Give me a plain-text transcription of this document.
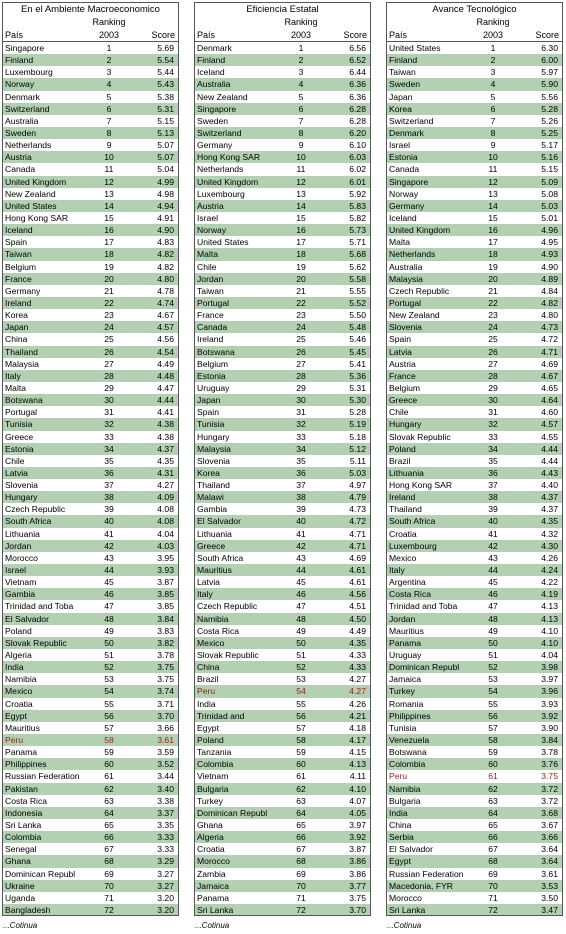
En el Ambiente Macroeconomico
Ranking
País	2003	Score
Singapore	1	5.69
Finland	2	5.54
Luxembourg	3	5.44
Norway	4	5.43
Denmark	5	5.38
Switzerland	6	5.31
Australia	7	5.15
Sweden	8	5.13
Netherlands	9	5.07
Austria	10	5.07
Canada	11	5.04
United Kingdom	12	4.99
New Zealand	13	4.98
United States	14	4.94
Hong Kong SAR	15	4.91
Iceland	16	4.90
Spain	17	4.83
Taiwan	18	4.82
Belgium	19	4.82
France	20	4.80
Germany	21	4.78
Ireland	22	4.74
Korea	23	4.67
Japan	24	4.57
China	25	4.56
Thailand	26	4.54
Malaysia	27	4.49
Italy	28	4.48
Malta	29	4.47
Botswana	30	4.44
Portugal	31	4.41
Tunisia	32	4.38
Greece	33	4.38
Estonia	34	4.37
Chile	35	4.35
Latvia	36	4.31
Slovenia	37	4.27
Hungary	38	4.09
Czech Republic	39	4.08
South Africa	40	4.08
Lithuania	41	4.04
Jordan	42	4.03
Morocco	43	3.95
Israel	44	3.93
Vietnam	45	3.87
Gambia	46	3.85
Trinidad and Toba	47	3.85
El Salvador	48	3.84
Poland	49	3.83
Slovak Republic	50	3.82
Algeria	51	3.78
India	52	3.75
Namibia	53	3.75
Mexico	54	3.74
Croatia	55	3.71
Egypt	56	3.70
Mauritius	57	3.66
Peru	58	3.61
Panama	59	3.59
Philippines	60	3.52
Russian Federation	61	3.44
Pakistan	62	3.40
Costa Rica	63	3.38
Indonesia	64	3.37
Sri Lanka	65	3.35
Colombia	66	3.33
Senegal	67	3.33
Ghana	68	3.29
Dominican Republ	69	3.27
Ukraine	70	3.27
Uganda	71	3.20
Bangladesh	72	3.20
Eficiencia Estatal
Ranking
País	2003	Score
Denmark	1	6.56
Finland	2	6.52
Iceland	3	6.44
Australia	4	6.36
New Zealand	5	6.36
Singapore	6	6.28
Sweden	7	6.28
Switzerland	8	6.20
Germany	9	6.10
Hong Kong SAR	10	6.03
Netherlands	11	6.02
United Kingdom	12	6.01
Luxembourg	13	5.92
Austria	14	5.83
Israel	15	5.82
Norway	16	5.73
United States	17	5.71
Malta	18	5.68
Chile	19	5.62
Jordan	20	5.58
Taiwan	21	5.55
Portugal	22	5.52
France	23	5.50
Canada	24	5.48
Ireland	25	5.46
Botswana	26	5.45
Belgium	27	5.41
Estonia	28	5.36
Uruguay	29	5.31
Japan	30	5.30
Spain	31	5.28
Tunisia	32	5.19
Hungary	33	5.18
Malaysia	34	5.12
Slovenia	35	5.11
Korea	36	5.03
Thailand	37	4.97
Malawi	38	4.79
Gambia	39	4.73
El Salvador	40	4.72
Lithuania	41	4.71
Greece	42	4.71
South Africa	43	4.69
Mauritius	44	4.61
Latvia	45	4.61
Italy	46	4.56
Czech Republic	47	4.51
Namibia	48	4.50
Costa Rica	49	4.49
Mexico	50	4.35
Slovak Republic	51	4.33
China	52	4.33
Brazil	53	4.27
Peru	54	4.27
India	55	4.26
Trinidad and	56	4.21
Egypt	57	4.18
Poland	58	4.17
Tanzania	59	4.15
Colombia	60	4.13
Vietnam	61	4.11
Bulgaria	62	4.10
Turkey	63	4.07
Dominican Republ	64	4.05
Ghana	65	3.97
Algeria	66	3.92
Croatia	67	3.87
Morocco	68	3.86
Zambia	69	3.86
Jamaica	70	3.77
Panama	71	3.75
Sri Lanka	72	3.70
Avance Tecnológico
Ranking
País	2003	Score
United States	1	6.30
Finland	2	6.00
Taiwan	3	5.97
Sweden	4	5.90
Japan	5	5.56
Korea	6	5.28
Switzerland	7	5.26
Denmark	8	5.25
Israel	9	5.17
Estonia	10	5.16
Canada	11	5.15
Singapore	12	5.09
Norway	13	5.08
Germany	14	5.03
Iceland	15	5.01
United Kingdom	16	4.96
Malta	17	4.95
Netherlands	18	4.93
Australia	19	4.90
Malaysia	20	4.89
Czech Republic	21	4.84
Portugal	22	4.82
New Zealand	23	4.80
Slovenia	24	4.73
Spain	25	4.72
Latvia	26	4.71
Austria	27	4.69
France	28	4.67
Belgium	29	4.65
Greece	30	4.64
Chile	31	4.60
Hungary	32	4.57
Slovak Republic	33	4.55
Poland	34	4.44
Brazil	35	4.44
Lithuania	36	4.43
Hong Kong SAR	37	4.40
Ireland	38	4.37
Thailand	39	4.37
South Africa	40	4.35
Croatia	41	4.32
Luxembourg	42	4.30
Mexico	43	4.26
Italy	44	4.24
Argentina	45	4.22
Costa Rica	46	4.19
Trinidad and Toba	47	4.13
Jordan	48	4.13
Mauritius	49	4.10
Panama	50	4.10
Uruguay	51	4.04
Dominican Republ	52	3.98
Jamaica	53	3.97
Turkey	54	3.96
Romania	55	3.93
Philippines	56	3.92
Tunisia	57	3.90
Venezuela	58	3.84
Botswana	59	3.78
Colombia	60	3.76
Peru	61	3.75
Namibia	62	3.72
Bulgaria	63	3.72
India	64	3.68
China	65	3.67
Serbia	66	3.66
El Salvador	67	3.64
Egypt	68	3.64
Russian Federation	69	3.61
Macedonia, FYR	70	3.53
Morocco	71	3.50
Sri Lanka	72	3.47
...Cotinua	...Cotinua	...Cotinua
